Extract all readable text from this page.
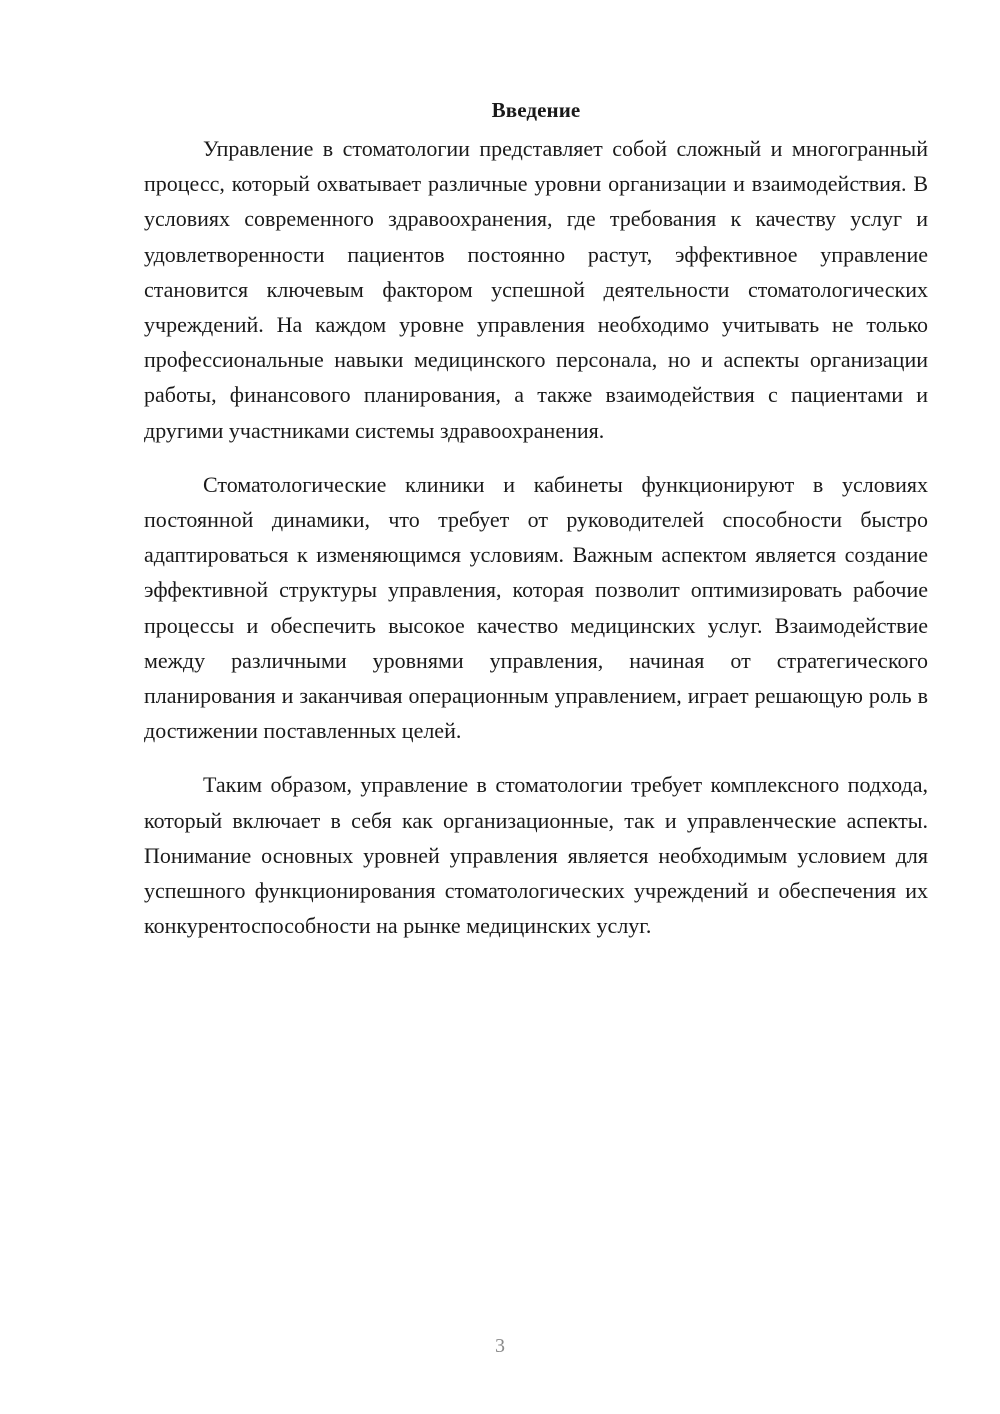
Введение

Управление в стоматологии представляет собой сложный и многогранный процесс, который охватывает различные уровни организации и взаимодействия. В условиях современного здравоохранения, где требования к качеству услуг и удовлетворенности пациентов постоянно растут, эффективное управление становится ключевым фактором успешной деятельности стоматологических учреждений. На каждом уровне управления необходимо учитывать не только профессиональные навыки медицинского персонала, но и аспекты организации работы, финансового планирования, а также взаимодействия с пациентами и другими участниками системы здравоохранения.

Стоматологические клиники и кабинеты функционируют в условиях постоянной динамики, что требует от руководителей способности быстро адаптироваться к изменяющимся условиям. Важным аспектом является создание эффективной структуры управления, которая позволит оптимизировать рабочие процессы и обеспечить высокое качество медицинских услуг. Взаимодействие между различными уровнями управления, начиная от стратегического планирования и заканчивая операционным управлением, играет решающую роль в достижении поставленных целей.

Таким образом, управление в стоматологии требует комплексного подхода, который включает в себя как организационные, так и управленческие аспекты. Понимание основных уровней управления является необходимым условием для успешного функционирования стоматологических учреждений и обеспечения их конкурентоспособности на рынке медицинских услуг.

3
